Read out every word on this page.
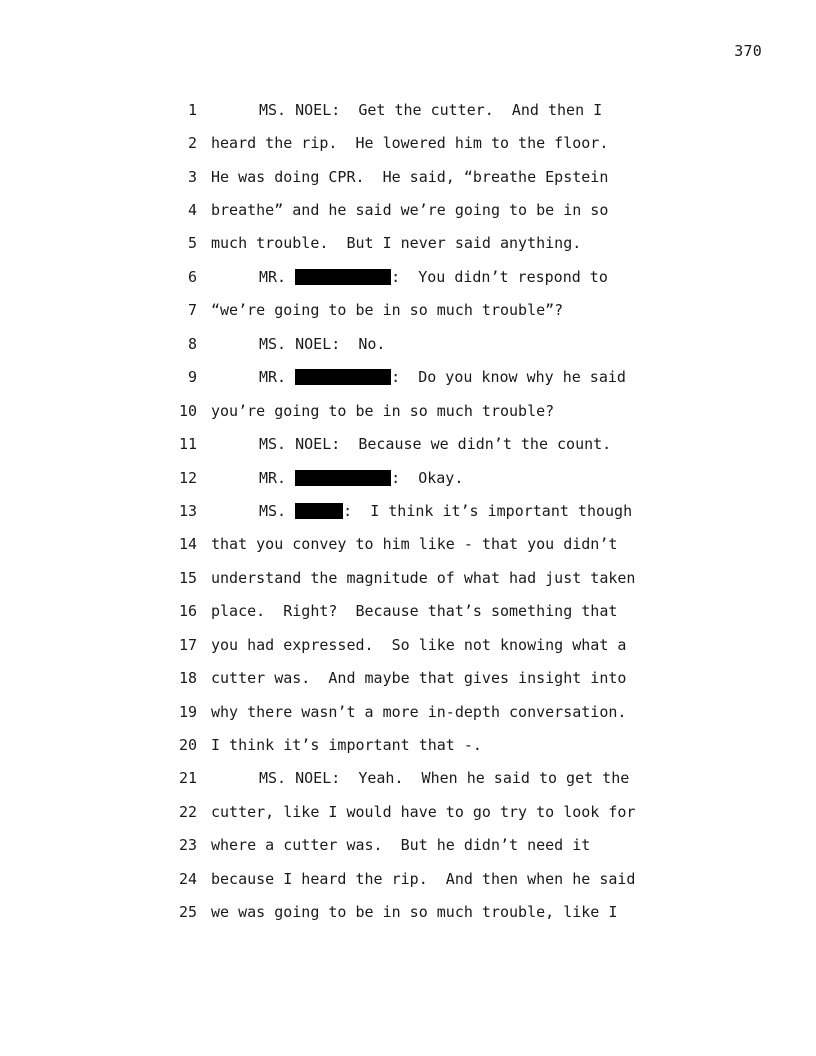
370
1	MS. NOEL:  Get the cutter.  And then I
2 heard the rip.  He lowered him to the floor.
3 He was doing CPR.  He said, “breathe Epstein
4 breathe” and he said we’re going to be in so
5 much trouble.  But I never said anything.
6	MR.	:  You didn’t respond to
7 “we’re going to be in so much trouble”?
8	MS. NOEL:  No.
9	MR.	:  Do you know why he said
10 you’re going to be in so much trouble?
11	MS. NOEL:  Because we didn’t the count.
12	MR.	:  Okay.
13	MS.	:  I think it’s important though
14 that you convey to him like - that you didn’t
15 understand the magnitude of what had just taken
16 place.  Right?  Because that’s something that
17 you had expressed.  So like not knowing what a
18 cutter was.  And maybe that gives insight into
19 why there wasn’t a more in-depth conversation.
20 I think it’s important that -.
21	MS. NOEL:  Yeah.  When he said to get the
22 cutter, like I would have to go try to look for
23 where a cutter was.  But he didn’t need it
24 because I heard the rip.  And then when he said
25 we was going to be in so much trouble, like I
